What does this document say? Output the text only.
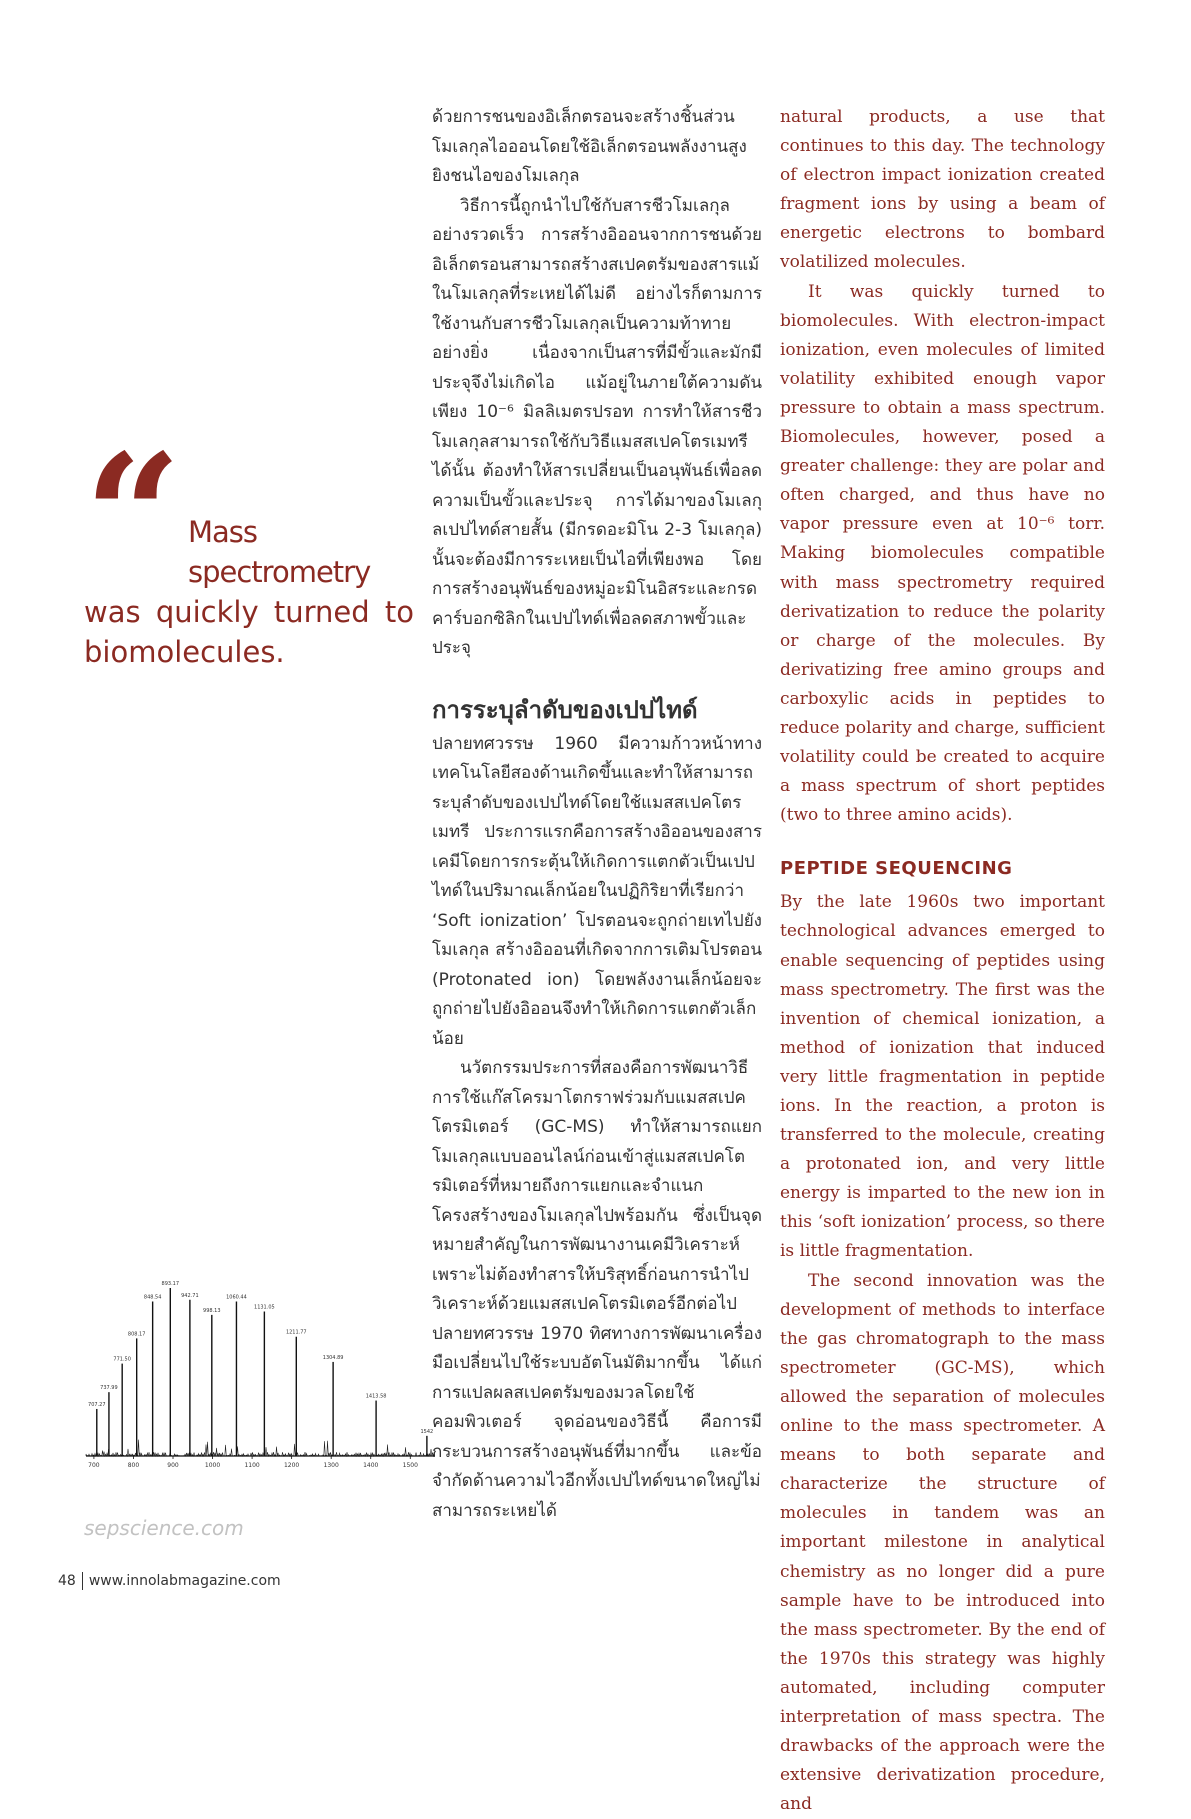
“ Mass spectrometry
was quickly turned to biomolecules.

ด้วยการชนของอิเล็กตรอนจะสร้างชิ้นส่วนโมเลกุลไอออนโดยใช้อิเล็กตรอนพลังงานสูงยิงชนไอของโมเลกุล

วิธีการนี้ถูกนำไปใช้กับสารชีวโมเลกุลอย่างรวดเร็ว การสร้างอิออนจากการชนด้วยอิเล็กตรอนสามารถสร้างสเปคตรัมของสารแม้ในโมเลกุลที่ระเหยได้ไม่ดี อย่างไรก็ตามการใช้งานกับสารชีวโมเลกุลเป็นความท้าทายอย่างยิ่ง เนื่องจากเป็นสารที่มีขั้วและมักมีประจุจึงไม่เกิดไอ แม้อยู่ในภายใต้ความดันเพียง 10⁻⁶ มิลลิเมตรปรอท การทำให้สารชีวโมเลกุลสามารถใช้กับวิธีแมสสเปคโตรเมทรีได้นั้น ต้องทำให้สารเปลี่ยนเป็นอนุพันธ์เพื่อลดความเป็นขั้วและประจุ การได้มาของโมเลกุลเปปไทด์สายสั้น (มีกรดอะมิโน 2-3 โมเลกุล) นั้นจะต้องมีการระเหยเป็นไอที่เพียงพอ โดยการสร้างอนุพันธ์ของหมู่อะมิโนอิสระและกรดคาร์บอกซิลิกในเปปไทด์เพื่อลดสภาพขั้วและประจุ

การระบุลำดับของเปปไทด์

ปลายทศวรรษ 1960 มีความก้าวหน้าทางเทคโนโลยีสองด้านเกิดขึ้นและทำให้สามารถระบุลำดับของเปปไทด์โดยใช้แมสสเปคโตรเมทรี ประการแรกคือการสร้างอิออนของสารเคมีโดยการกระตุ้นให้เกิดการแตกตัวเป็นเปปไทด์ในปริมาณเล็กน้อยในปฏิกิริยาที่เรียกว่า ‘Soft ionization’ โปรตอนจะถูกถ่ายเทไปยังโมเลกุล สร้างอิออนที่เกิดจากการเติมโปรตอน (Protonated ion) โดยพลังงานเล็กน้อยจะถูกถ่ายไปยังอิออนจึงทำให้เกิดการแตกตัวเล็กน้อย

นวัตกรรมประการที่สองคือการพัฒนาวิธีการใช้แก๊สโครมาโตกราฟร่วมกับแมสสเปคโตรมิเตอร์ (GC-MS) ทำให้สามารถแยกโมเลกุลแบบออนไลน์ก่อนเข้าสู่แมสสเปคโตรมิเตอร์ที่หมายถึงการแยกและจำแนกโครงสร้างของโมเลกุลไปพร้อมกัน ซึ่งเป็นจุดหมายสำคัญในการพัฒนางานเคมีวิเคราะห์ เพราะไม่ต้องทำสารให้บริสุทธิ์ก่อนการนำไปวิเคราะห์ด้วยแมสสเปคโตรมิเตอร์อีกต่อไป ปลายทศวรรษ 1970 ทิศทางการพัฒนาเครื่องมือเปลี่ยนไปใช้ระบบอัตโนมัติมากขึ้น ได้แก่ การแปลผลสเปคตรัมของมวลโดยใช้คอมพิวเตอร์ จุดอ่อนของวิธีนี้ คือการมีกระบวนการสร้างอนุพันธ์ที่มากขึ้น และข้อจำกัดด้านความไวอีกทั้งเปปไทด์ขนาดใหญ่ไม่สามารถระเหยได้

natural products, a use that continues to this day. The technology of electron impact ionization created fragment ions by using a beam of energetic electrons to bombard volatilized molecules.

It was quickly turned to biomolecules. With electron-impact ionization, even molecules of limited volatility exhibited enough vapor pressure to obtain a mass spectrum. Biomolecules, however, posed a greater challenge: they are polar and often charged, and thus have no vapor pressure even at 10⁻⁶ torr. Making biomolecules compatible with mass spectrometry required derivatization to reduce the polarity or charge of the molecules. By derivatizing free amino groups and carboxylic acids in peptides to reduce polarity and charge, sufficient volatility could be created to acquire a mass spectrum of short peptides (two to three amino acids).

PEPTIDE SEQUENCING

By the late 1960s two important technological advances emerged to enable sequencing of peptides using mass spectrometry. The first was the invention of chemical ionization, a method of ionization that induced very little fragmentation in peptide ions. In the reaction, a proton is transferred to the molecule, creating a protonated ion, and very little energy is imparted to the new ion in this ‘soft ionization’ process, so there is little fragmentation.

The second innovation was the development of methods to interface the gas chromatograph to the mass spectrometer (GC-MS), which allowed the separation of molecules online to the mass spectrometer. A means to both separate and characterize the structure of molecules in tandem was an important milestone in analytical chemistry as no longer did a pure sample have to be introduced into the mass spectrometer. By the end of the 1970s this strategy was highly automated, including computer interpretation of mass spectra. The drawbacks of the approach were the extensive derivatization procedure, and

707.27
737.99
771.50
808.17
848.54
893.17
942.71
998.13
1060.44
1131.05
1211.77
1304.89
1413.58
1542
700	800	900	1000	1100	1200	1300	1400	1500
sepscience.com
48 www.innolabmagazine.com
